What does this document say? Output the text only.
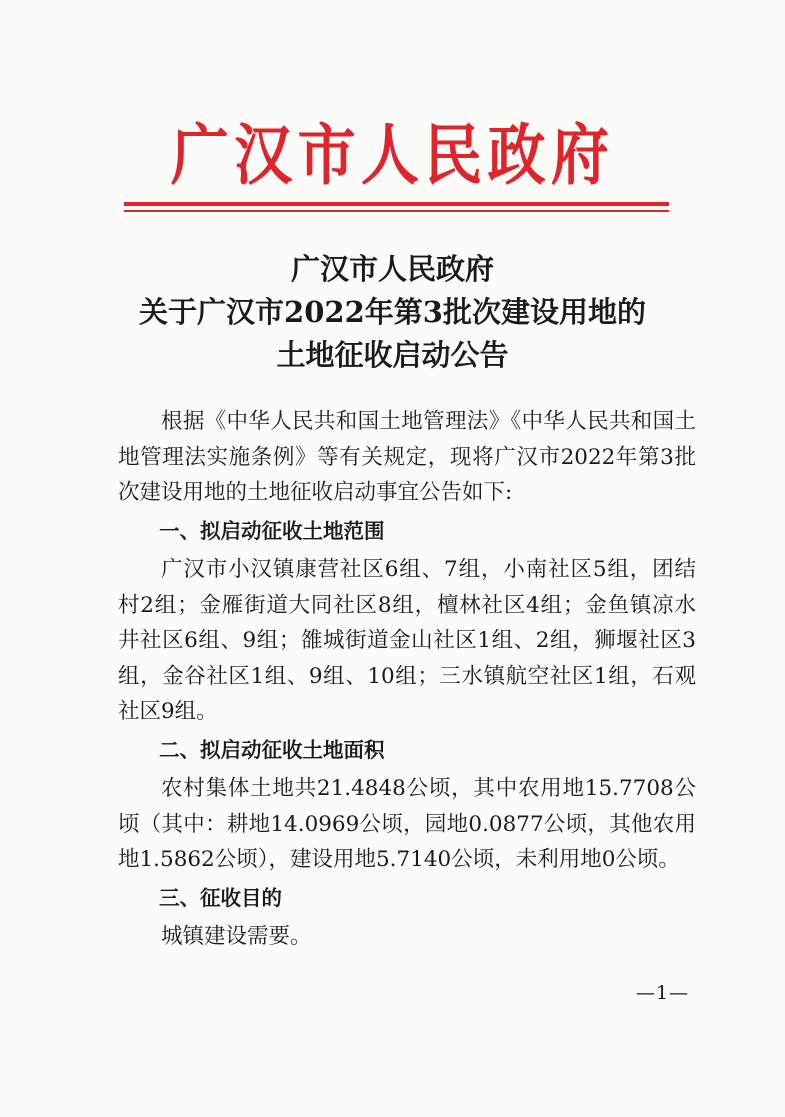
广汉市人民政府
广汉市人民政府
关于广汉市2022年第3批次建设用地的
土地征收启动公告

根据《中华人民共和国土地管理法》《中华人民共和国土地管理法实施条例》等有关规定，现将广汉市2022年第3批次建设用地的土地征收启动事宜公告如下:

一、拟启动征收土地范围

广汉市小汉镇康营社区6组、7组，小南社区5组，团结村2组；金雁街道大同社区8组，檀林社区4组；金鱼镇凉水井社区6组、9组；雒城街道金山社区1组、2组，狮堰社区3组，金谷社区1组、9组、10组；三水镇航空社区1组，石观社区9组。

二、拟启动征收土地面积

农村集体土地共21.4848公顷，其中农用地15.7708公顷（其中：耕地14.0969公顷，园地0.0877公顷，其他农用地1.5862公顷），建设用地5.7140公顷，未利用地0公顷。

三、征收目的

城镇建设需要。

—1—
